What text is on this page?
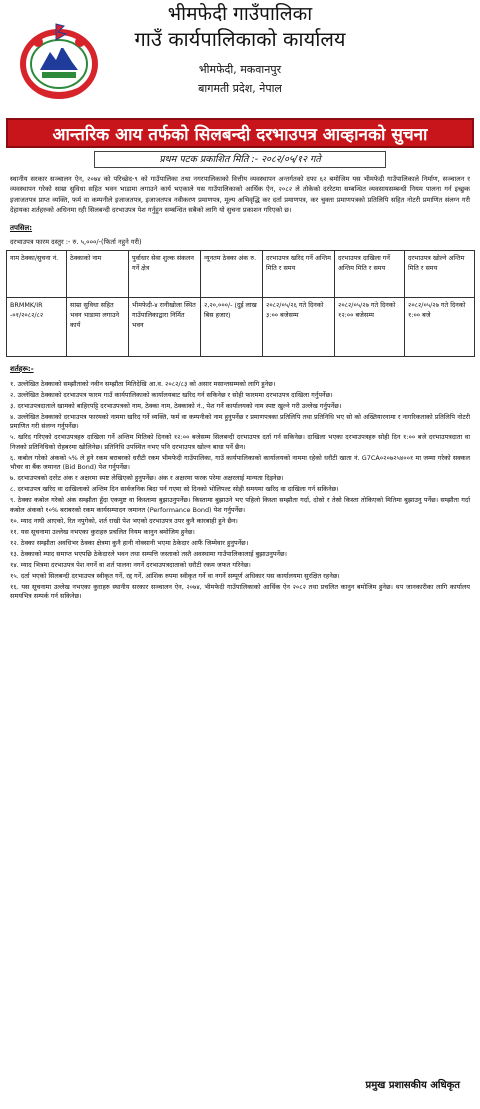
भीमफेदी गाउँपालिका
गाउँ कार्यपालिकाको कार्यालय
भीमफेदी, मकवानपुर
बागमती प्रदेश, नेपाल
आन्तरिक आय तर्फको सिलबन्दी दरभाउपत्र आव्हानको सुचना
प्रथम पटक प्रकाशित मिति :- २०८२/०५/१२ गते
स्थानीय सरकार सञ्चालन ऐन, २०७४ को परिच्छेद-९ को गाउँपालिका तथा नगरपालिकाको वित्तीय व्यवस्थापन अन्तर्गतको दफा ६२ बमोजिम यस भीमफेदी गाउँपालिकाले निर्माण, सञ्चालन र व्यवस्थापन गरेको साम्रा सुविधा सहित भवन भाडामा लगाउने कार्य भएकाले यस गाउँपालिकाको आर्थिक ऐन, २०८२ ले तोकेको दररेटमा सम्बन्धित व्यवसायसम्बन्धी नियम पालना गर्न इच्छुक इजाजतपत्र प्राप्त व्यक्ति, फर्म वा कम्पनीले इजाजतपत्र, इजाजतपत्र नवीकरण प्रमाणपत्र, मूल्य अभिवृद्धि कर दर्ता प्रमाणपत्र, कर चुक्ता प्रमाणपत्रको प्रतिलिपि सहित नोटरी प्रमाणित संलग्न गरी देहायका शर्तहरुको अधिनमा रही सिलबन्दी दरभाउपत्र पेश गर्नुहुन सम्बन्धित सबैको लागि यो सुचना प्रकाशन गरिएको छ।
तपसिल:
दरभाउपत्र फारम दस्तुर :- रु. ५,०००/-(फिर्ता नहुने गरी)
नाम ठेक्का/सुचना नं.	ठेक्काको नाम	पुर्वाधार सेवा शुल्क संकलन गर्ने क्षेत्र	न्यूनतम ठेक्का अंक रु.	दरभाउपत्र खरिद गर्ने अन्तिम मिति र समय	दरभाउपत्र दाखिला गर्ने अन्तिम मिति र समय	दरभाउपत्र खोल्ने अन्तिम मिति र समय
BRMMK/IR -०१/२०८२/८२	साम्रा सुविधा सहित भवन भाडामा लगाउने कार्य	भीमफेदी-४ रानीखोला स्थित गाउँपालिकाद्वारा निर्मित भवन	२,२०,०००/- (दुई लाख बिस हजार)	२०८२/०५/२६ गते दिनको ३:०० बजेसम्म	२०८२/०५/२७ गते दिनको १२:०० बजेसम्म	२०८२/०५/२७ गते दिनको १:०० बजे
शर्तहरू:-

१. उल्लेखित ठेक्काको सम्झौताको नवीन सम्झौता मितिदेखि आ.व. २०८२/८३ को असार मसान्तसम्मको लागि हुनेछ।

२. उल्लेखित ठेक्काको दरभाउपत्र फारम गाउँ कार्यपालिकाको कार्यालयबाट खरिद गर्न सकिनेछ र सोही फारममा दरभाउपत्र दाखिला गर्नुपर्नेछ।

३. दरभाउपत्रदाताले खामको बाहिरपट्टि दरभाउपत्रको नाम, ठेक्का नाम, ठेक्काको नं., पेश गर्ने कार्यालयको नाम स्पष्ट खुल्ने गरी उल्लेख गर्नुपर्नेछ।

४. उल्लेखित ठेक्काको दरभाउपत्र फारमको नाममा खरिद गर्ने व्यक्ति, फर्म वा कम्पनीको नाम हुनुपर्नेछ र प्रमाणपत्रका प्रतिलिपि तथा प्रतिनिधि भए सो को अख्तियारनामा र नागरिकताको प्रतिलिपि नोटरी प्रमाणित गरी संलग्न गर्नुपर्नेछ।

५. खरिद गरिएको दरभाउपत्रहरु दाखिला गर्ने अन्तिम मितिको दिनको १२:०० बजेसम्म सिलबन्दी दरभाउपत्र दर्ता गर्न सकिनेछ। दाखिला भएका दरभाउपत्रहरु सोही दिन १:०० बजे दरभाउपत्रदाता वा निजको प्रतिनिधिको रोहबरमा खोलिनेछ। प्रतिनिधि उपस्थित नभए पनि दरभाउपत्र खोल्न बाधा पर्ने छैन।

६. कबोल गरेको अंकको ५% ले हुने रकम बराबरको धरौटी रकम भीमफेदी गाउँपालिका, गाउँ कार्यपालिकाको कार्यालयको नाममा रहेको धरौटी खाता नं. G7CA०२०७२५४००१ मा जम्मा गरेको सक्कल भौचर वा बैंक जमानत (Bid Bond) पेश गर्नुपर्नेछ।

७. दरभाउपत्रको दररेट अंक र अक्षरमा स्पष्ट लेखिएको हुनुपर्नेछ। अंक र अक्षरमा फरक परेमा अक्षरलाई मान्यता दिइनेछ।

८. दरभाउपत्र खरिद वा दाखिलाको अन्तिम दिन सार्वजनिक बिदा पर्न गएमा सो दिनको भोलिपल्ट सोही समयमा खरिद वा दाखिला गर्न सकिनेछ।

९. ठेक्का कबोल गरेको अंक सम्झौता हुँदा एकमुष्ट वा किस्तामा बुझाउनुपर्नेछ। किस्तामा बुझाउने भए पहिलो किस्ता सम्झौता गर्दा, दोस्रो र तेस्रो किस्ता तोकिएको मितिमा बुझाउनु पर्नेछ। सम्झौता गर्दा कबोल अंकको १०% बराबरको रकम कार्यसम्पादन जमानत (Performance Bond) पेश गर्नुपर्नेछ।

१०. म्याद नाघी आएको, रित नपुगेको, शर्त राखी पेश भएको दरभाउपत्र उपर कुनै कारबाही हुने छैन।

११. यस सूचनामा उल्लेख नभएका कुराहरु प्रचलित नियम कानुन बमोजिम हुनेछ।

१२. ठेक्का सम्झौता अवधिभर ठेक्का क्षेत्रमा कुनै हानी नोक्सानी भएमा ठेकेदार आफैं जिम्मेवार हुनुपर्नेछ।

१३. ठेक्काको म्याद समाप्त भएपछि ठेकेदारले भवन तथा सम्पत्ति जस्ताको तस्तै अवस्थामा गाउँपालिकालाई बुझाउनुपर्नेछ।

१४. म्याद भित्रमा दरभाउपत्र पेश नगर्ने वा शर्त पालना नगर्ने दरभाउपत्रदाताको धरौटी रकम जफत गरिनेछ।

१५. दर्ता भएको सिलबन्दी दरभाउपत्र स्वीकृत गर्ने, रद्द गर्ने, आंशिक रुपमा स्वीकृत गर्ने वा नगर्ने सम्पूर्ण अधिकार यस कार्यालयमा सुरक्षित रहनेछ।

१६. यस सूचनामा उल्लेख नभएका कुराहरु स्थानीय सरकार सञ्चालन ऐन, २०७४, भीमफेदी गाउँपालिकाको आर्थिक ऐन २०८२ तथा प्रचलित कानुन बमोजिम हुनेछ। थप जानकारीका लागि कार्यालय समयभित्र सम्पर्क गर्न सकिनेछ।

प्रमुख प्रशासकीय अधिकृत
